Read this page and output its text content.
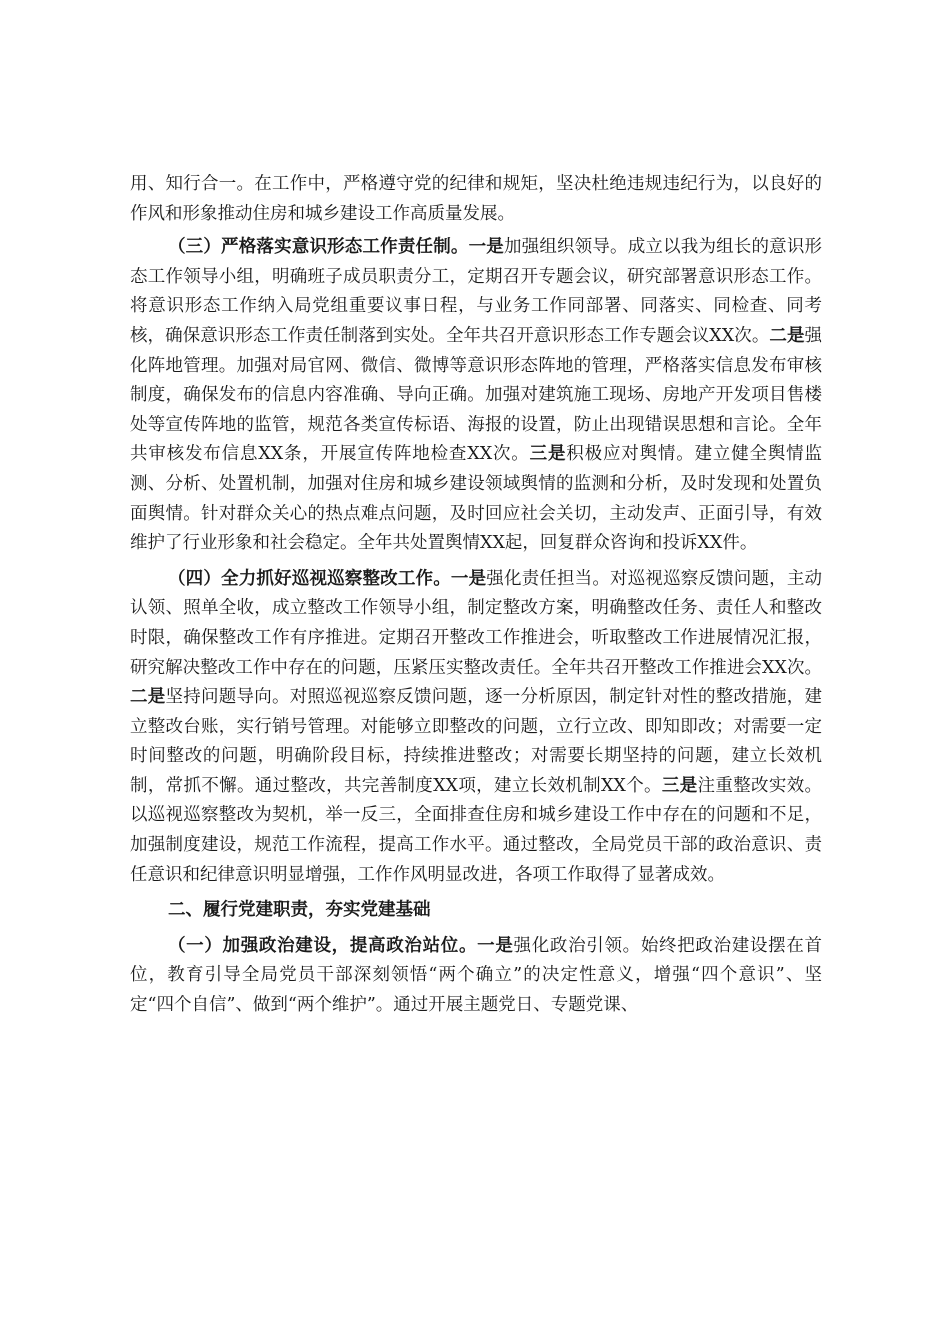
用、知行合一。在工作中，严格遵守党的纪律和规矩，坚决杜绝违规违纪行为，以良好的作风和形象推动住房和城乡建设工作高质量发展。

（三）严格落实意识形态工作责任制。一是加强组织领导。成立以我为组长的意识形态工作领导小组，明确班子成员职责分工，定期召开专题会议，研究部署意识形态工作。将意识形态工作纳入局党组重要议事日程，与业务工作同部署、同落实、同检查、同考核，确保意识形态工作责任制落到实处。全年共召开意识形态工作专题会议XX次。二是强化阵地管理。加强对局官网、微信、微博等意识形态阵地的管理，严格落实信息发布审核制度，确保发布的信息内容准确、导向正确。加强对建筑施工现场、房地产开发项目售楼处等宣传阵地的监管，规范各类宣传标语、海报的设置，防止出现错误思想和言论。全年共审核发布信息XX条，开展宣传阵地检查XX次。三是积极应对舆情。建立健全舆情监测、分析、处置机制，加强对住房和城乡建设领域舆情的监测和分析，及时发现和处置负面舆情。针对群众关心的热点难点问题，及时回应社会关切，主动发声、正面引导，有效维护了行业形象和社会稳定。全年共处置舆情XX起，回复群众咨询和投诉XX件。

（四）全力抓好巡视巡察整改工作。一是强化责任担当。对巡视巡察反馈问题，主动认领、照单全收，成立整改工作领导小组，制定整改方案，明确整改任务、责任人和整改时限，确保整改工作有序推进。定期召开整改工作推进会，听取整改工作进展情况汇报，研究解决整改工作中存在的问题，压紧压实整改责任。全年共召开整改工作推进会XX次。二是坚持问题导向。对照巡视巡察反馈问题，逐一分析原因，制定针对性的整改措施，建立整改台账，实行销号管理。对能够立即整改的问题，立行立改、即知即改；对需要一定时间整改的问题，明确阶段目标，持续推进整改；对需要长期坚持的问题，建立长效机制，常抓不懈。通过整改，共完善制度XX项，建立长效机制XX个。三是注重整改实效。以巡视巡察整改为契机，举一反三，全面排查住房和城乡建设工作中存在的问题和不足，加强制度建设，规范工作流程，提高工作水平。通过整改，全局党员干部的政治意识、责任意识和纪律意识明显增强，工作作风明显改进，各项工作取得了显著成效。

二、履行党建职责，夯实党建基础

（一）加强政治建设，提高政治站位。一是强化政治引领。始终把政治建设摆在首位，教育引导全局党员干部深刻领悟“两个确立”的决定性意义，增强“四个意识”、坚定“四个自信”、做到“两个维护”。通过开展主题党日、专题党课、
